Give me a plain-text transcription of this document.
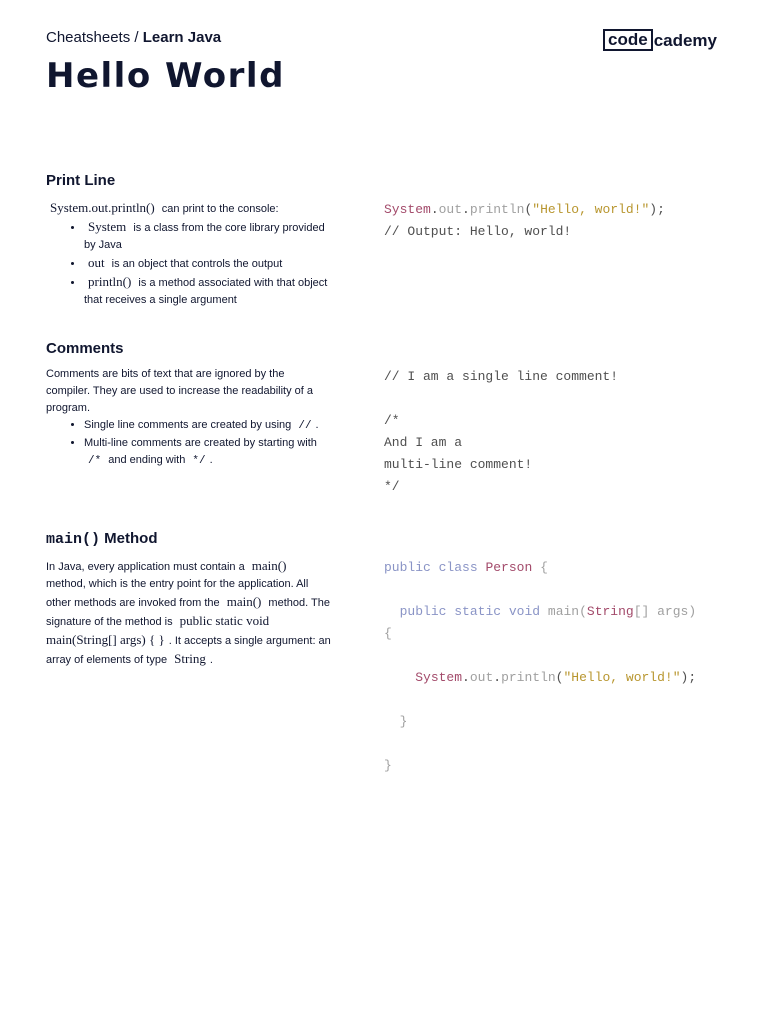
Cheatsheets / Learn Java	code cademy
Hello World
Print Line
System.out.println() can print to the console:
• System is a class from the core library provided by Java
• out is an object that controls the output
• println() is a method associated with that object that receives a single argument
System.out.println("Hello, world!");
// Output: Hello, world!
Comments
Comments are bits of text that are ignored by the compiler. They are used to increase the readability of a program.
• Single line comments are created by using // .
• Multi-line comments are created by starting with /* and ending with */ .
// I am a single line comment!
/*
And I am a
multi-line comment!
*/
main() Method
In Java, every application must contain a main() method, which is the entry point for the application. All other methods are invoked from the main() method. The signature of the method is public static void main(String[] args) { } . It accepts a single argument: an array of elements of type String .
public class Person {
public static void main(String[] args)
{
System.out.println("Hello, world!");
}
}
